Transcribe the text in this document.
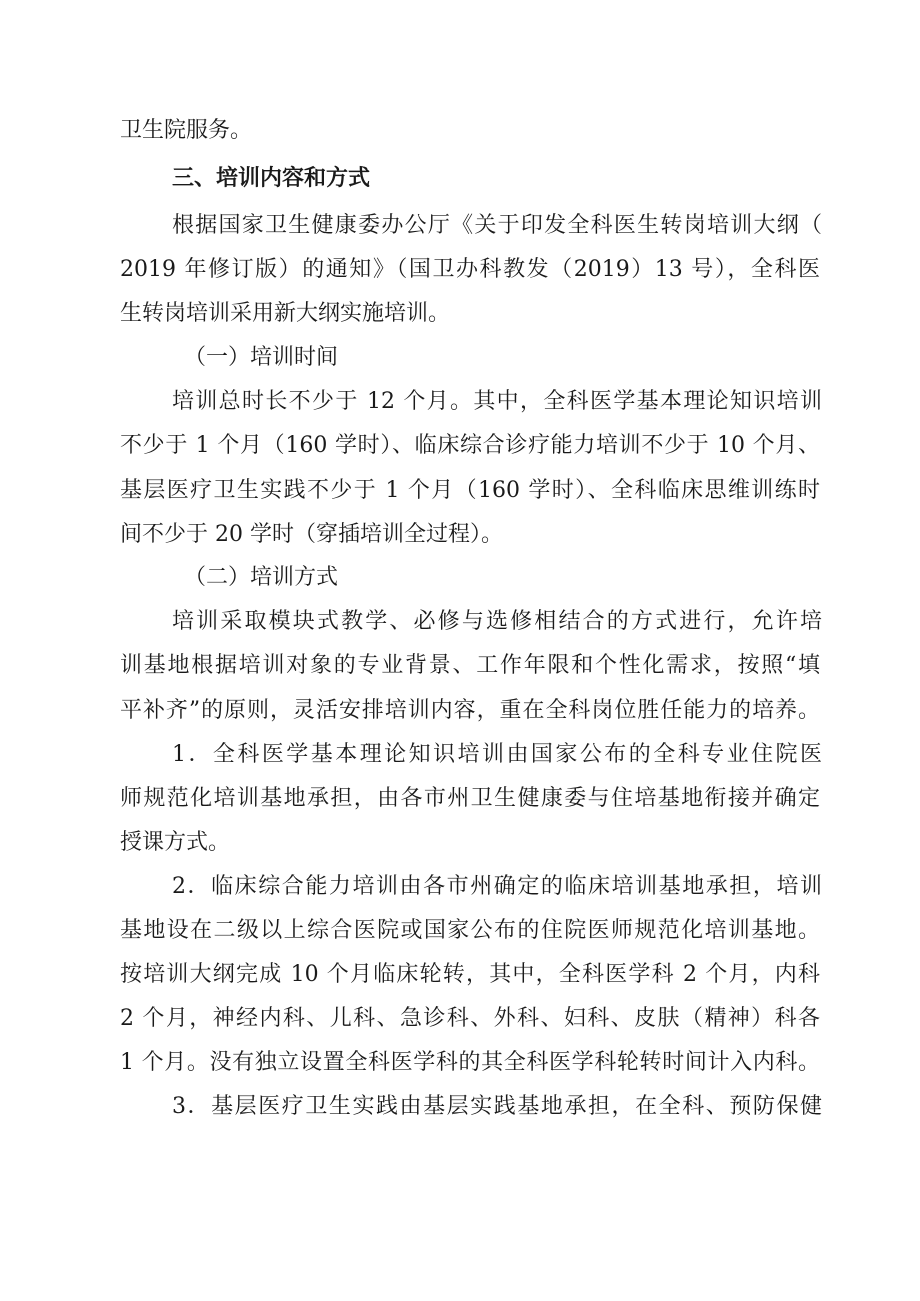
卫生院服务。
三、培训内容和方式
根据国家卫生健康委办公厅《关于印发全科医生转岗培训大纲（
2019 年修订版）的通知》（国卫办科教发（2019）13 号），全科医
生转岗培训采用新大纲实施培训。
（一）培训时间
培训总时长不少于 12 个月。其中，全科医学基本理论知识培训
不少于 1 个月（160 学时）、临床综合诊疗能力培训不少于 10 个月、
基层医疗卫生实践不少于 1 个月（160 学时）、全科临床思维训练时
间不少于 20 学时（穿插培训全过程）。
（二）培训方式
培训采取模块式教学、必修与选修相结合的方式进行，允许培
训基地根据培训对象的专业背景、工作年限和个性化需求，按照“填
平补齐”的原则，灵活安排培训内容，重在全科岗位胜任能力的培养。
1．全科医学基本理论知识培训由国家公布的全科专业住院医
师规范化培训基地承担，由各市州卫生健康委与住培基地衔接并确定
授课方式。
2．临床综合能力培训由各市州确定的临床培训基地承担，培训
基地设在二级以上综合医院或国家公布的住院医师规范化培训基地。
按培训大纲完成 10 个月临床轮转，其中，全科医学科 2 个月，内科
2 个月，神经内科、儿科、急诊科、外科、妇科、皮肤（精神）科各
1 个月。没有独立设置全科医学科的其全科医学科轮转时间计入内科。
3．基层医疗卫生实践由基层实践基地承担，在全科、预防保健
